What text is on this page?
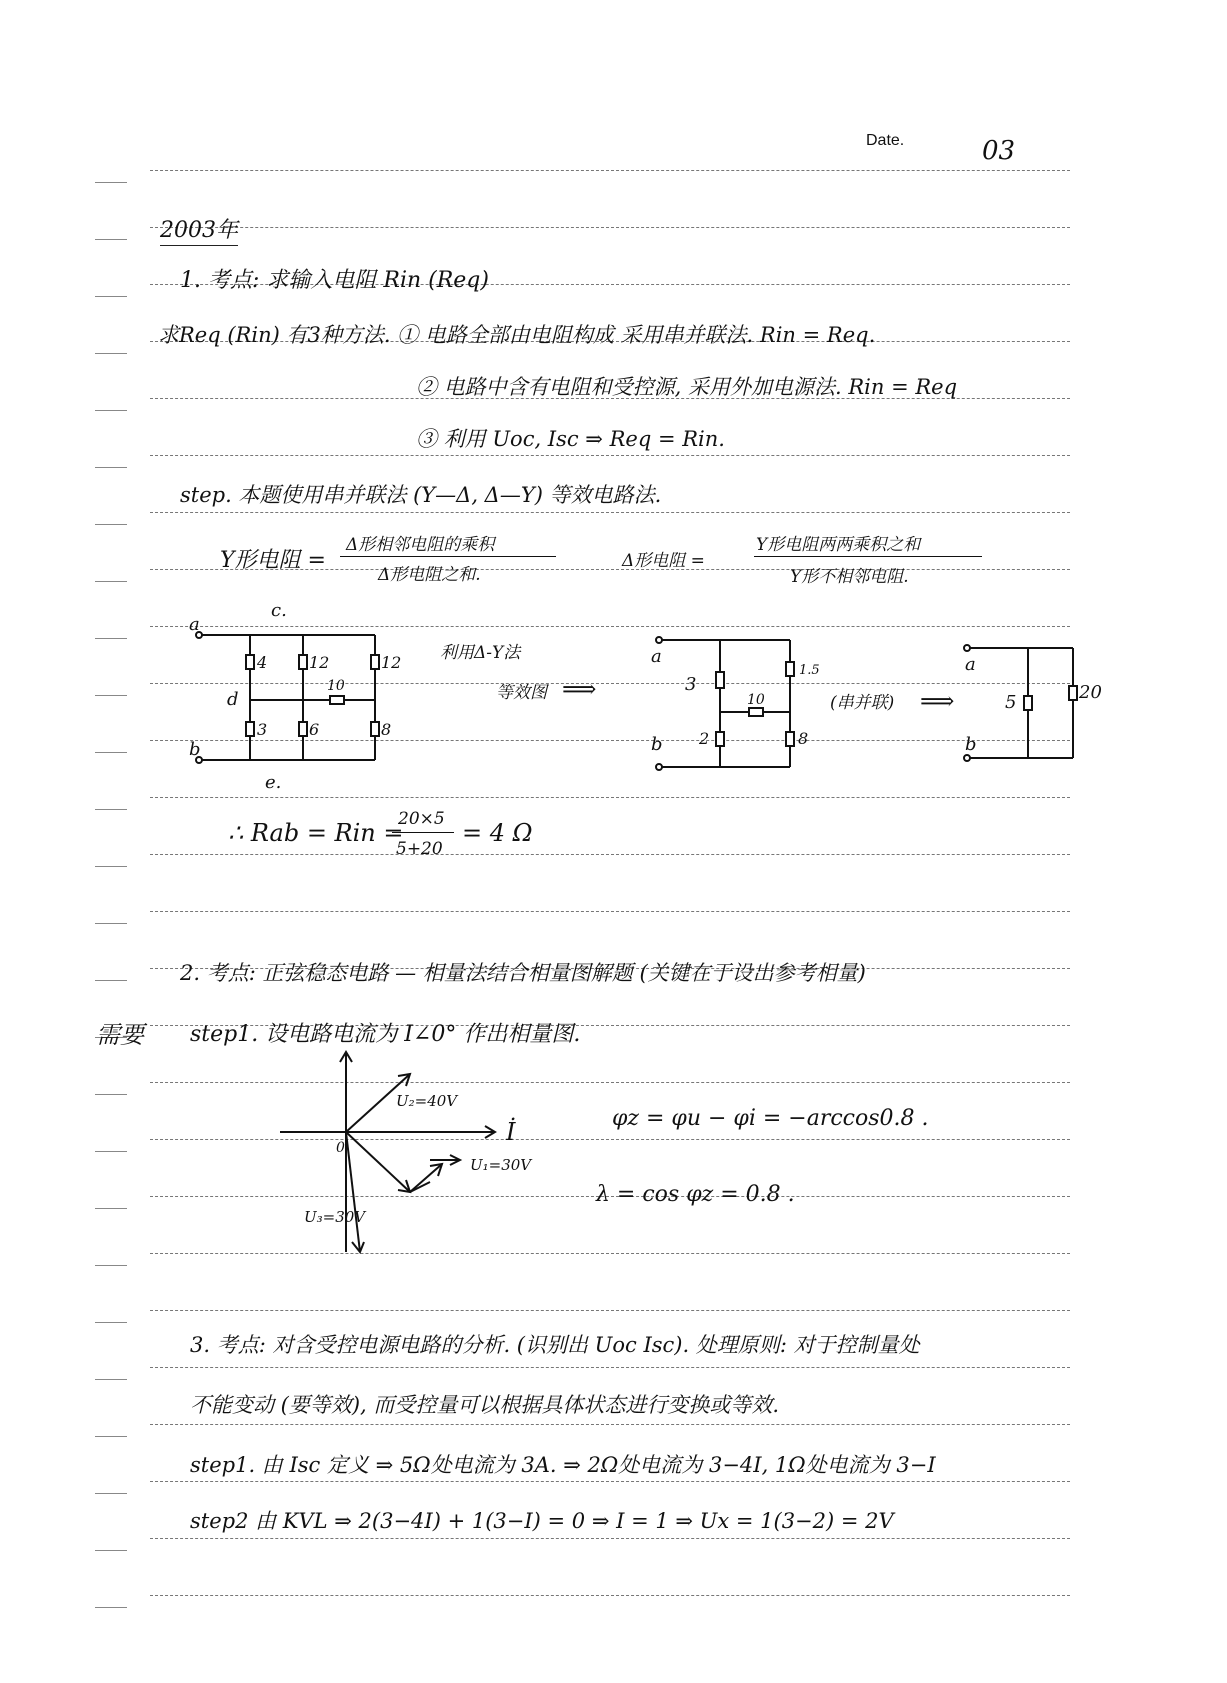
Date.	03
2003年
1. 考点: 求输入电阻 Rin (Req)
求Req (Rin) 有3种方法. ① 电路全部由电阻构成 采用串并联法. Rin = Req.
② 电路中含有电阻和受控源, 采用外加电源法. Rin = Req
③ 利用 Uoc, Isc ⇒ Req = Rin.
step. 本题使用串并联法 (Y—Δ, Δ—Y) 等效电路法.
Y形电阻 =
Δ形相邻电阻的乘积
Δ形电阻之和.
Δ形电阻 =
Y形电阻两两乘积之和
Y形不相邻电阻.
a
b
c.
d
e.
4	12	12
10
3	6	8
利用Δ-Y法
等效图 ⟹
a
b
3
1.5
10
2	8
(串并联) ⟹
a
b
5	20
∴ Rab = Rin =
20×5
5+20
= 4 Ω
2. 考点: 正弦稳态电路 — 相量法结合相量图解题 (关键在于设出参考相量)
需要 step1. 设电路电流为 I∠0° 作出相量图.
U₂=40V
U₁=30V
U₃=30V
İ
0
φz = φu − φi = −arccos0.8 .
λ = cos φz = 0.8 .
3. 考点: 对含受控电源电路的分析. (识别出 Uoc Isc). 处理原则: 对于控制量处
不能变动 (要等效), 而受控量可以根据具体状态进行变换或等效.
step1. 由 Isc 定义 ⇒ 5Ω处电流为 3A. ⇒ 2Ω处电流为 3−4I, 1Ω处电流为 3−I
step2 由 KVL ⇒ 2(3−4I) + 1(3−I) = 0 ⇒ I = 1 ⇒ Ux = 1(3−2) = 2V
